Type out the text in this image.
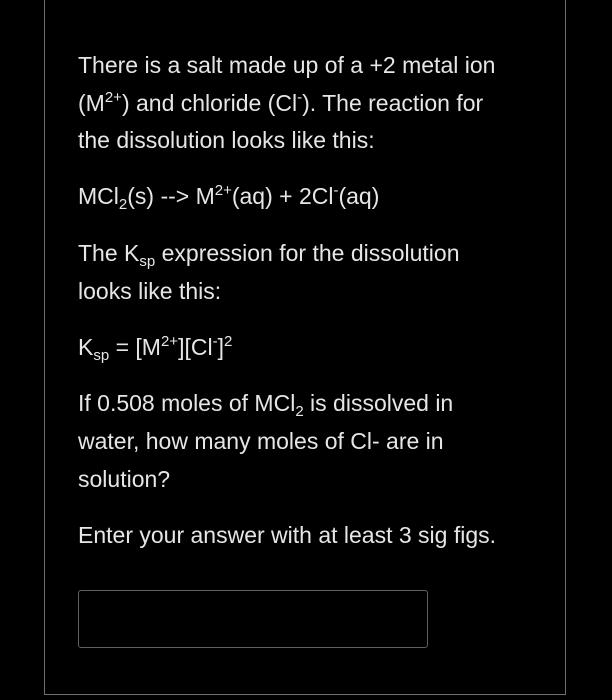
There is a salt made up of a +2 metal ion
$(M^{2+})$ and chloride (Cl-). The reaction for
the dissolution looks like this:
MCl$_2$(s) --> $M^{2+}(aq) + 2Cl^-(aq)$
The $K_{sp}$ expression for the dissolution
looks like this:
$K_{sp} = [M^{2+}][Cl^-]^2$
If 0.508 moles of MCl$_2$ is dissolved in
water, how many moles of Cl- are in
solution?
Enter your answer with at least 3 sig figs.
